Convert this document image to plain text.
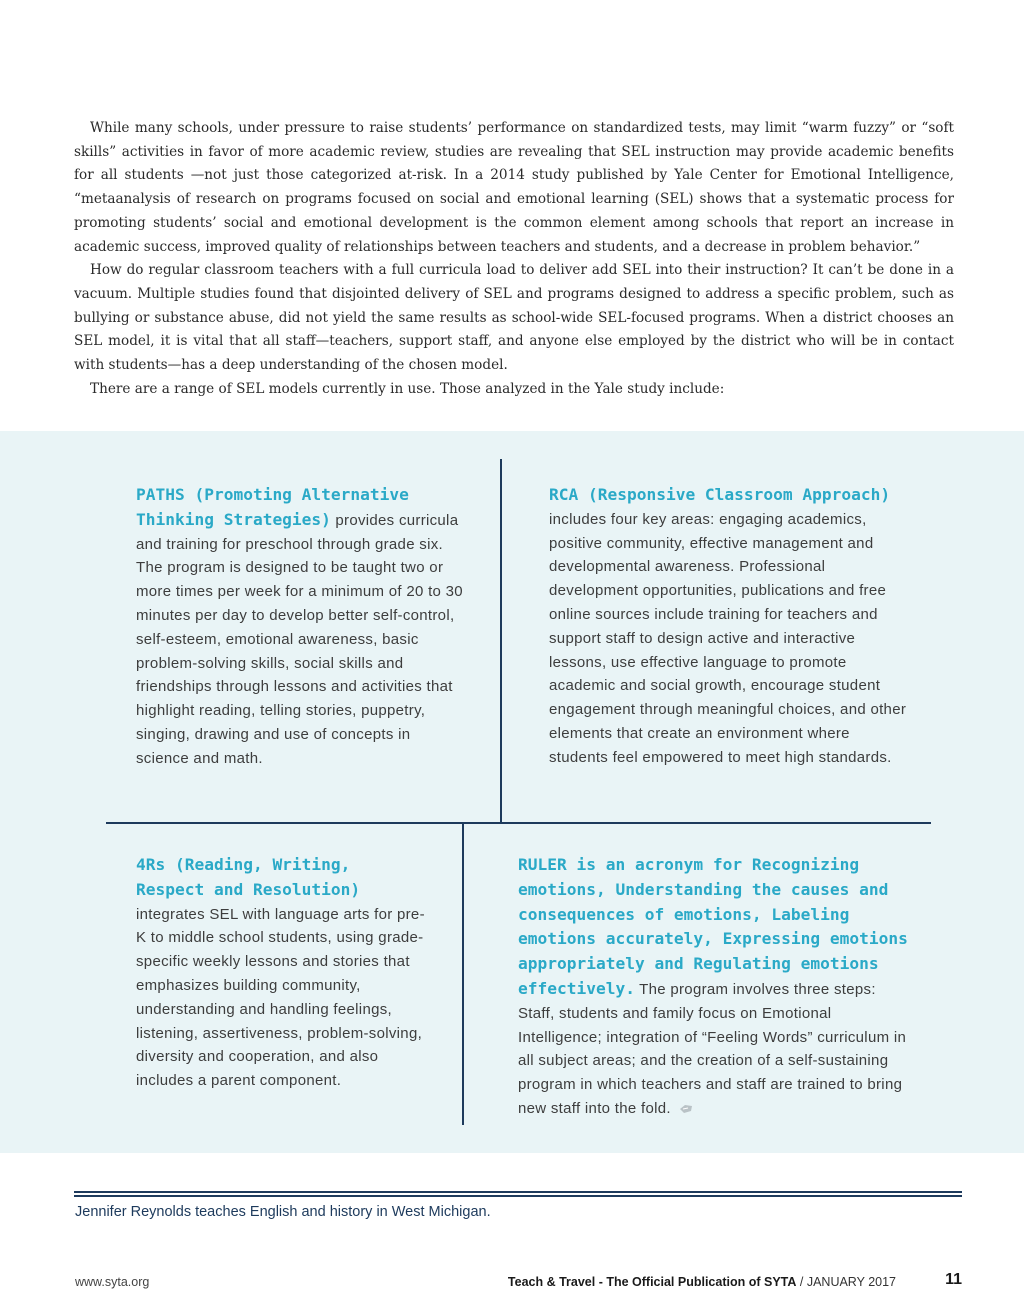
While many schools, under pressure to raise students’ performance on standardized tests, may limit “warm fuzzy” or “soft skills” activities in favor of more academic review, studies are revealing that SEL instruction may provide academic benefits for all students —not just those categorized at-risk. In a 2014 study published by Yale Center for Emotional Intelligence, “metaanalysis of research on programs focused on social and emotional learning (SEL) shows that a systematic process for promoting students’ social and emotional development is the common element among schools that report an increase in academic success, improved quality of relationships between teachers and students, and a decrease in problem behavior.”

How do regular classroom teachers with a full curricula load to deliver add SEL into their instruction? It can’t be done in a vacuum. Multiple studies found that disjointed delivery of SEL and programs designed to address a specific problem, such as bullying or substance abuse, did not yield the same results as school-wide SEL-focused programs. When a district chooses an SEL model, it is vital that all staff—teachers, support staff, and anyone else employed by the district who will be in contact with students—has a deep understanding of the chosen model.

There are a range of SEL models currently in use. Those analyzed in the Yale study include:

PATHS (Promoting Alternative Thinking Strategies) provides curricula and training for preschool through grade six. The program is designed to be taught two or more times per week for a minimum of 20 to 30 minutes per day to develop better self-control, self-esteem, emotional awareness, basic problem-solving skills, social skills and friendships through lessons and activities that highlight reading, telling stories, puppetry, singing, drawing and use of concepts in science and math.
RCA (Responsive Classroom Approach) includes four key areas: engaging academics, positive community, effective management and developmental awareness. Professional development opportunities, publications and free online sources include training for teachers and support staff to design active and interactive lessons, use effective language to promote academic and social growth, encourage student engagement through meaningful choices, and other elements that create an environment where students feel empowered to meet high standards.
4Rs (Reading, Writing, Respect and Resolution) integrates SEL with language arts for pre-K to middle school students, using grade-specific weekly lessons and stories that emphasizes building community, understanding and handling feelings, listening, assertiveness, problem-solving, diversity and cooperation, and also includes a parent component.
RULER is an acronym for Recognizing emotions, Understanding the causes and consequences of emotions, Labeling emotions accurately, Expressing emotions appropriately and Regulating emotions effectively. The program involves three steps: Staff, students and family focus on Emotional Intelligence; integration of “Feeling Words” curriculum in all subject areas; and the creation of a self-sustaining program in which teachers and staff are trained to bring new staff into the fold.
Jennifer Reynolds teaches English and history in West Michigan.
www.syta.org	Teach & Travel - The Official Publication of SYTA / JANUARY 2017	11
